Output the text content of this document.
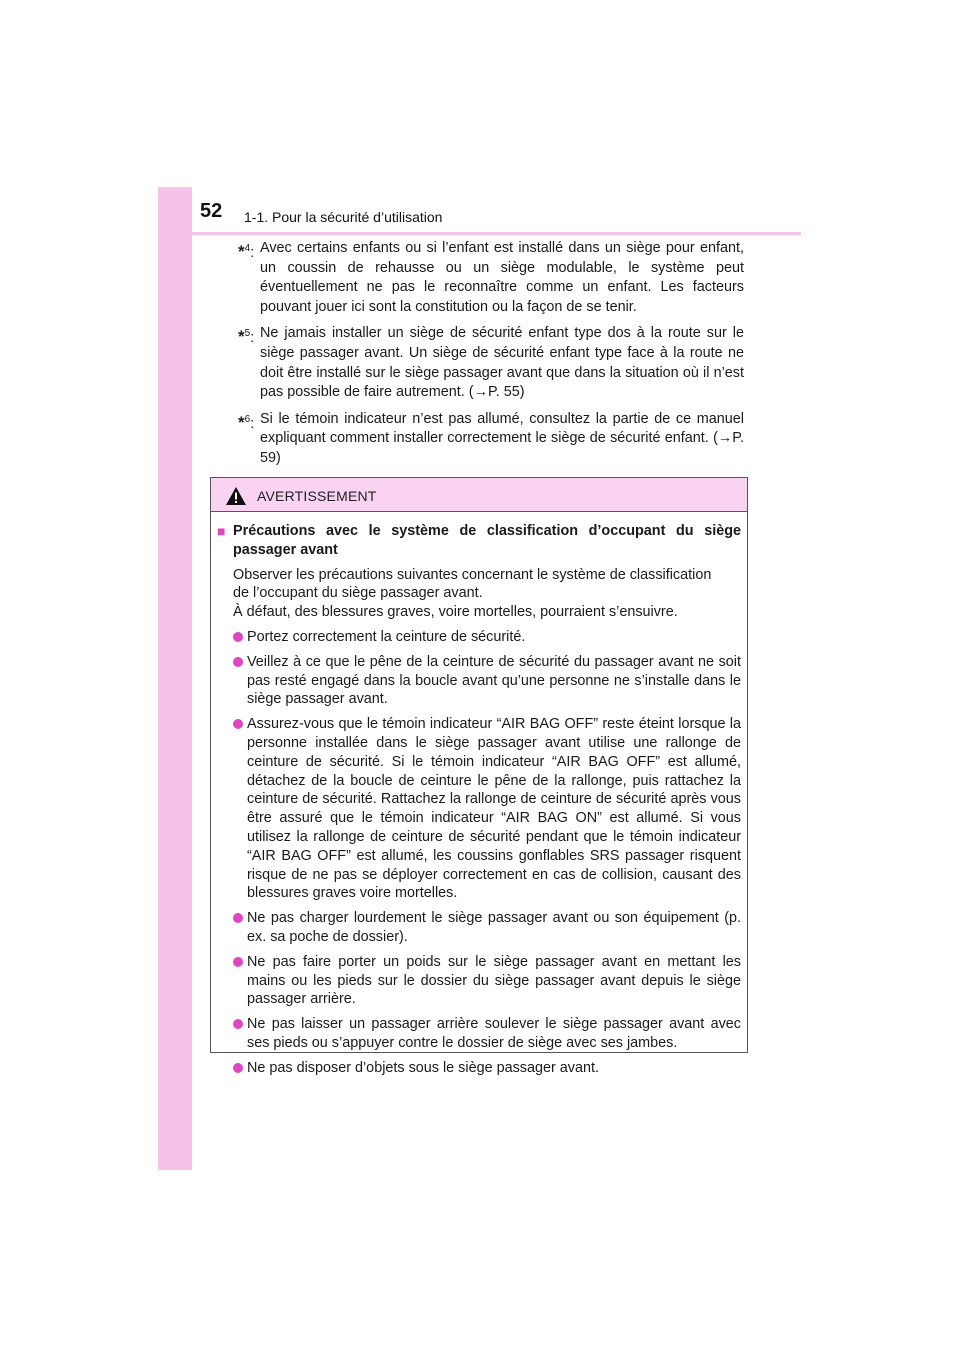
52 1-1. Pour la sécurité d’utilisation
*$^4$: Avec certains enfants ou si l’enfant est installé dans un siège pour enfant, un coussin de rehausse ou un siège modulable, le système peut éventuellement ne pas le reconnaître comme un enfant. Les facteurs pouvant jouer ici sont la constitution ou la façon de se tenir.
*$^5$: Ne jamais installer un siège de sécurité enfant type dos à la route sur le siège passager avant. Un siège de sécurité enfant type face à la route ne doit être installé sur le siège passager avant que dans la situation où il n’est pas possible de faire autrement. (→P. 55)
*$^6$: Si le témoin indicateur n’est pas allumé, consultez la partie de ce manuel expliquant comment installer correctement le siège de sécurité enfant. (→P. 59)
AVERTISSEMENT
■ Précautions avec le système de classification d’occupant du siège passager avant
Observer les précautions suivantes concernant le système de classification
de l’occupant du siège passager avant.
À défaut, des blessures graves, voire mortelles, pourraient s’ensuivre.
Portez correctement la ceinture de sécurité.
Veillez à ce que le pêne de la ceinture de sécurité du passager avant ne soit pas resté engagé dans la boucle avant qu’une personne ne s’installe dans le siège passager avant.
Assurez-vous que le témoin indicateur “AIR BAG OFF” reste éteint lorsque la personne installée dans le siège passager avant utilise une rallonge de ceinture de sécurité. Si le témoin indicateur “AIR BAG OFF” est allumé, détachez de la boucle de ceinture le pêne de la rallonge, puis rattachez la ceinture de sécurité. Rattachez la rallonge de ceinture de sécurité après vous être assuré que le témoin indicateur “AIR BAG ON” est allumé. Si vous utilisez la rallonge de ceinture de sécurité pendant que le témoin indicateur “AIR BAG OFF” est allumé, les coussins gonflables SRS passager risquent risque de ne pas se déployer correctement en cas de collision, causant des blessures graves voire mortelles.
Ne pas charger lourdement le siège passager avant ou son équipement (p. ex. sa poche de dossier).
Ne pas faire porter un poids sur le siège passager avant en mettant les mains ou les pieds sur le dossier du siège passager avant depuis le siège passager arrière.
Ne pas laisser un passager arrière soulever le siège passager avant avec ses pieds ou s’appuyer contre le dossier de siège avec ses jambes.
Ne pas disposer d’objets sous le siège passager avant.
